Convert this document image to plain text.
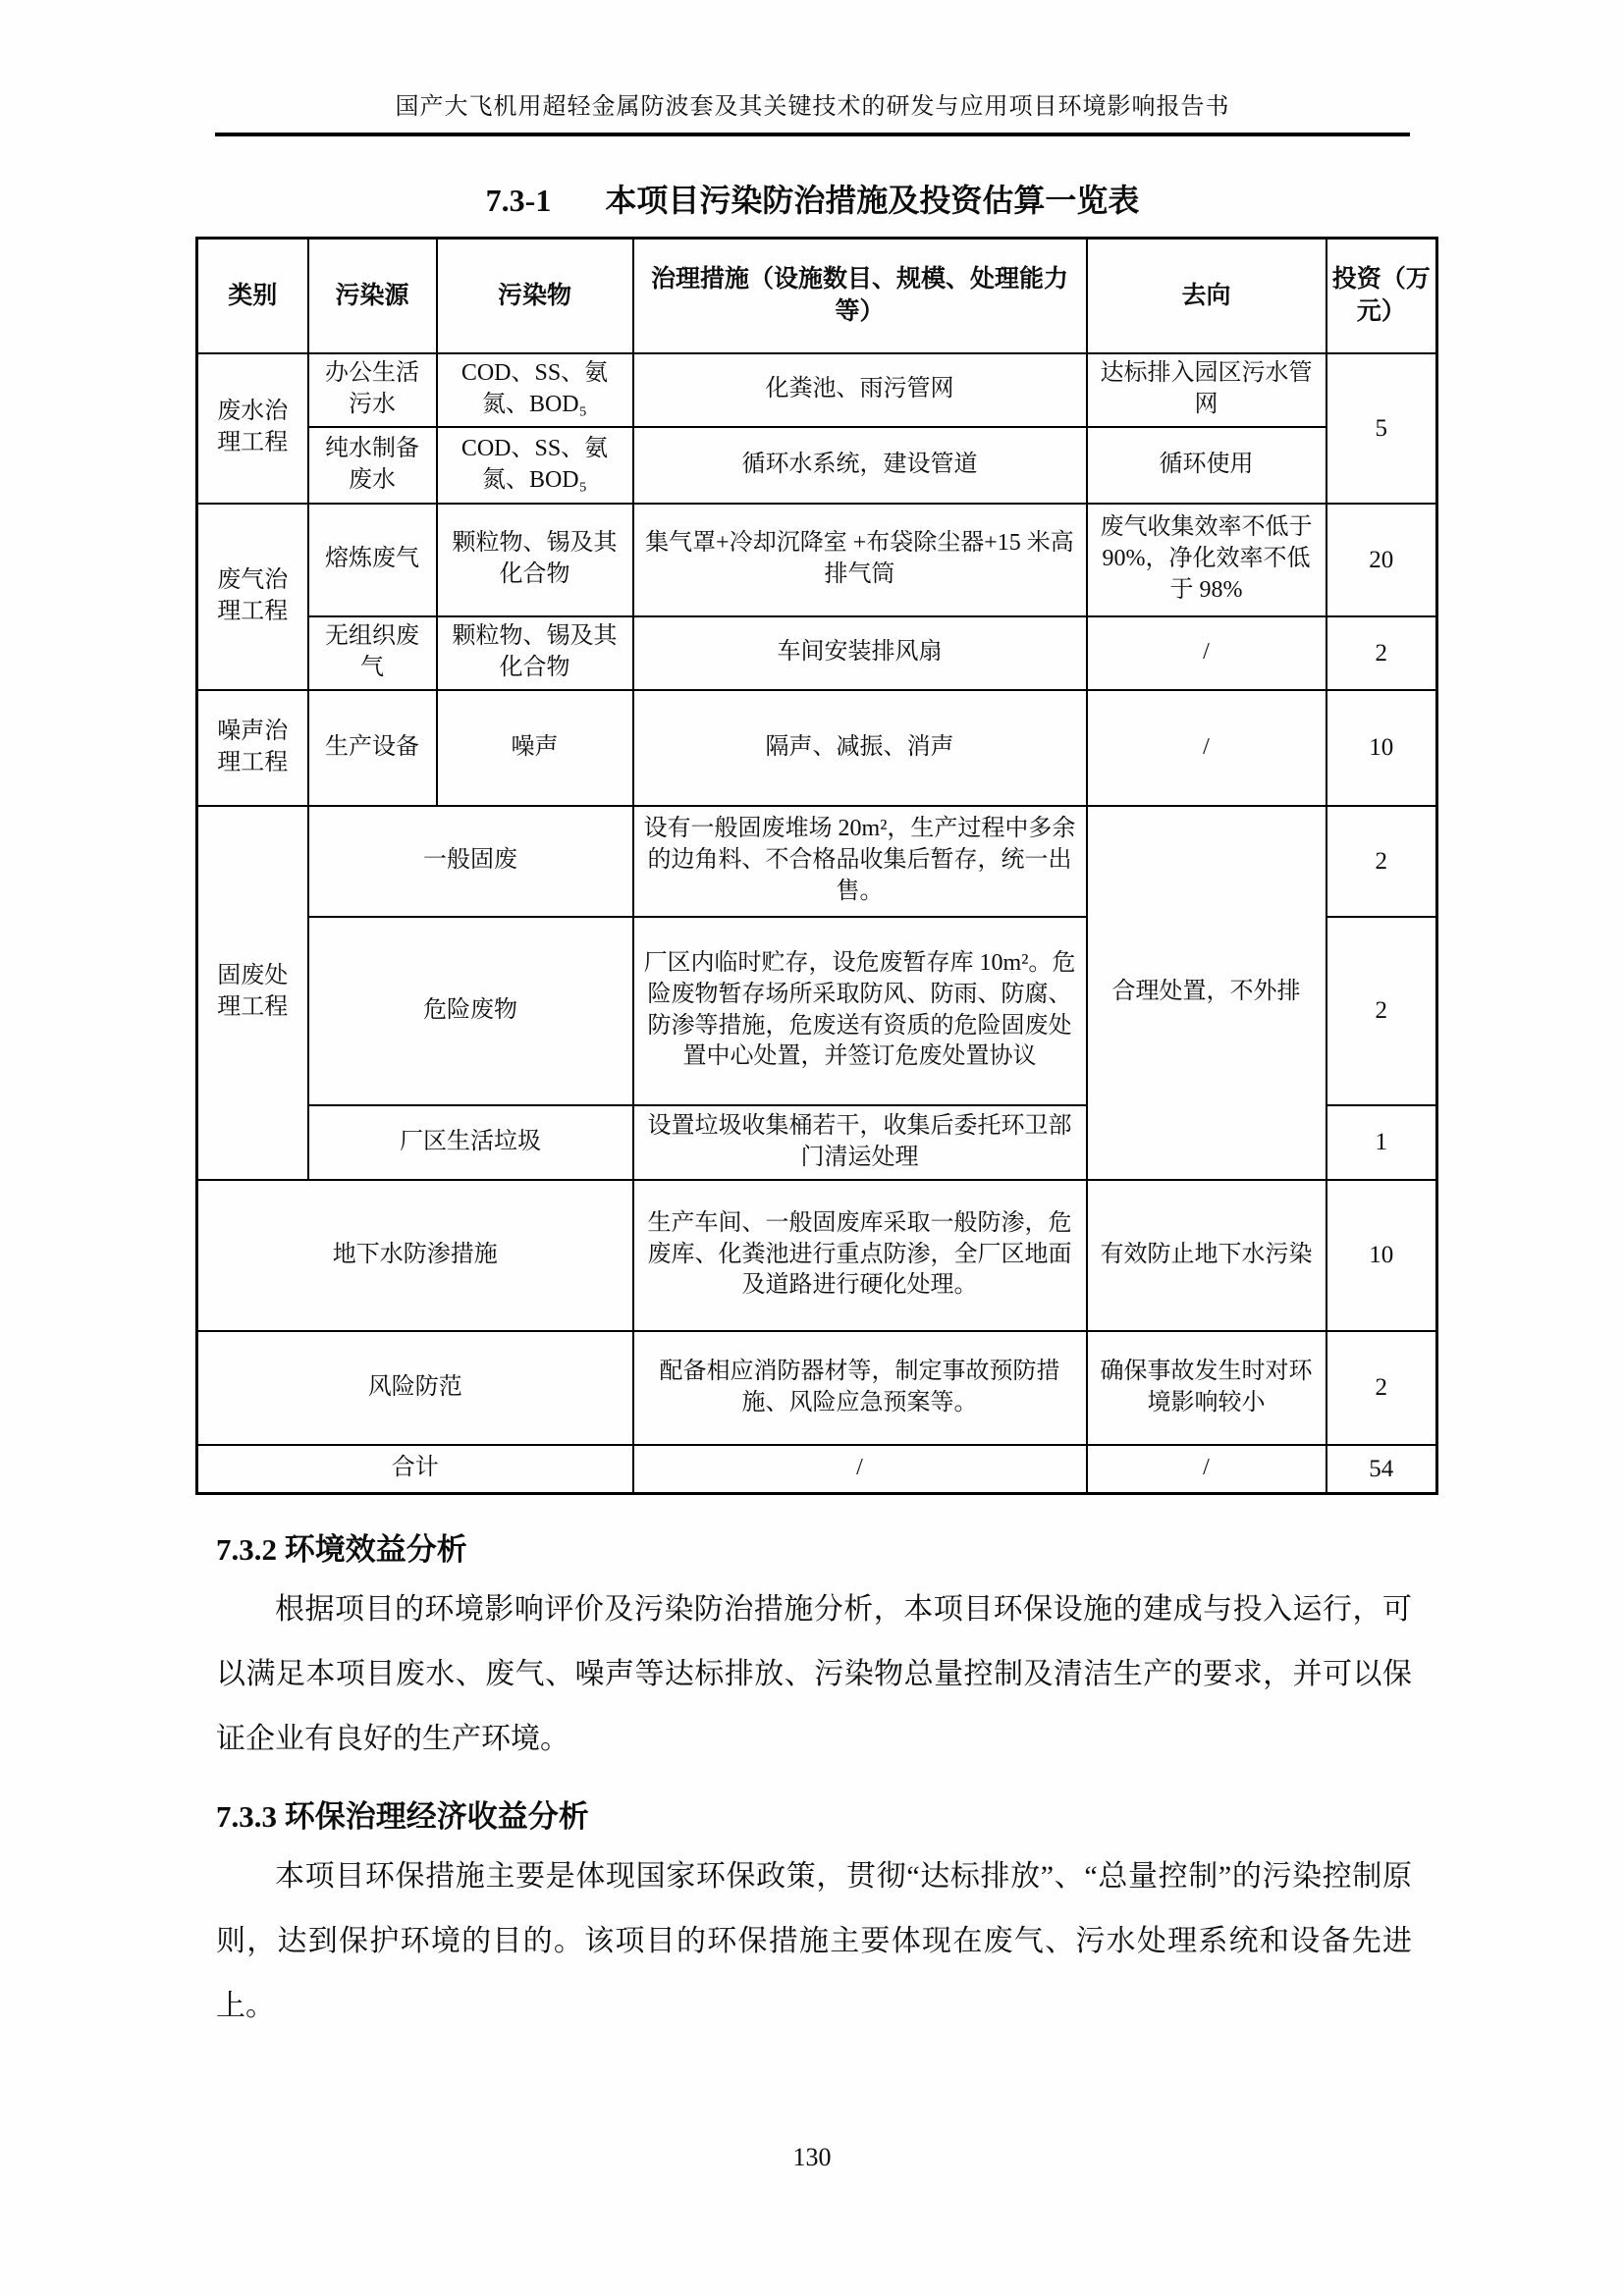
国产大飞机用超轻金属防波套及其关键技术的研发与应用项目环境影响报告书
7.3-1 本项目污染防治措施及投资估算一览表
类别	污染源	污染物	治理措施（设施数目、规模、处理能力等）	去向	投资（万元）
废水治理工程	办公生活污水	COD、SS、氨氮、BOD₅	化粪池、雨污管网	达标排入园区污水管网	5
	纯水制备废水	COD、SS、氨氮、BOD₅	循环水系统，建设管道	循环使用	
废气治理工程	熔炼废气	颗粒物、锡及其化合物	集气罩+冷却沉降室 +布袋除尘器+15 米高排气筒	废气收集效率不低于 90%，净化效率不低于 98%	20
	无组织废气	颗粒物、锡及其化合物	车间安装排风扇	/	2
噪声治理工程	生产设备	噪声	隔声、减振、消声	/	10
固废处理工程	一般固废		设有一般固废堆场 20m²，生产过程中多余的边角料、不合格品收集后暂存，统一出售。	合理处置，不外排	2
	危险废物		厂区内临时贮存，设危废暂存库 10m²。危险废物暂存场所采取防风、防雨、防腐、防渗等措施，危废送有资质的危险固废处置中心处置，并签订危废处置协议		2
	厂区生活垃圾		设置垃圾收集桶若干，收集后委托环卫部门清运处理		1
地下水防渗措施			生产车间、一般固废库采取一般防渗，危废库、化粪池进行重点防渗，全厂区地面及道路进行硬化处理。	有效防止地下水污染	10
风险防范			配备相应消防器材等，制定事故预防措施、风险应急预案等。	确保事故发生时对环境影响较小	2
合计			/	/	54
7.3.2 环境效益分析

根据项目的环境影响评价及污染防治措施分析，本项目环保设施的建成与投入运行，可以满足本项目废水、废气、噪声等达标排放、污染物总量控制及清洁生产的要求，并可以保证企业有良好的生产环境。

7.3.3 环保治理经济收益分析

本项目环保措施主要是体现国家环保政策，贯彻“达标排放”、“总量控制”的污染控制原则，达到保护环境的目的。该项目的环保措施主要体现在废气、污水处理系统和设备先进上。

130
